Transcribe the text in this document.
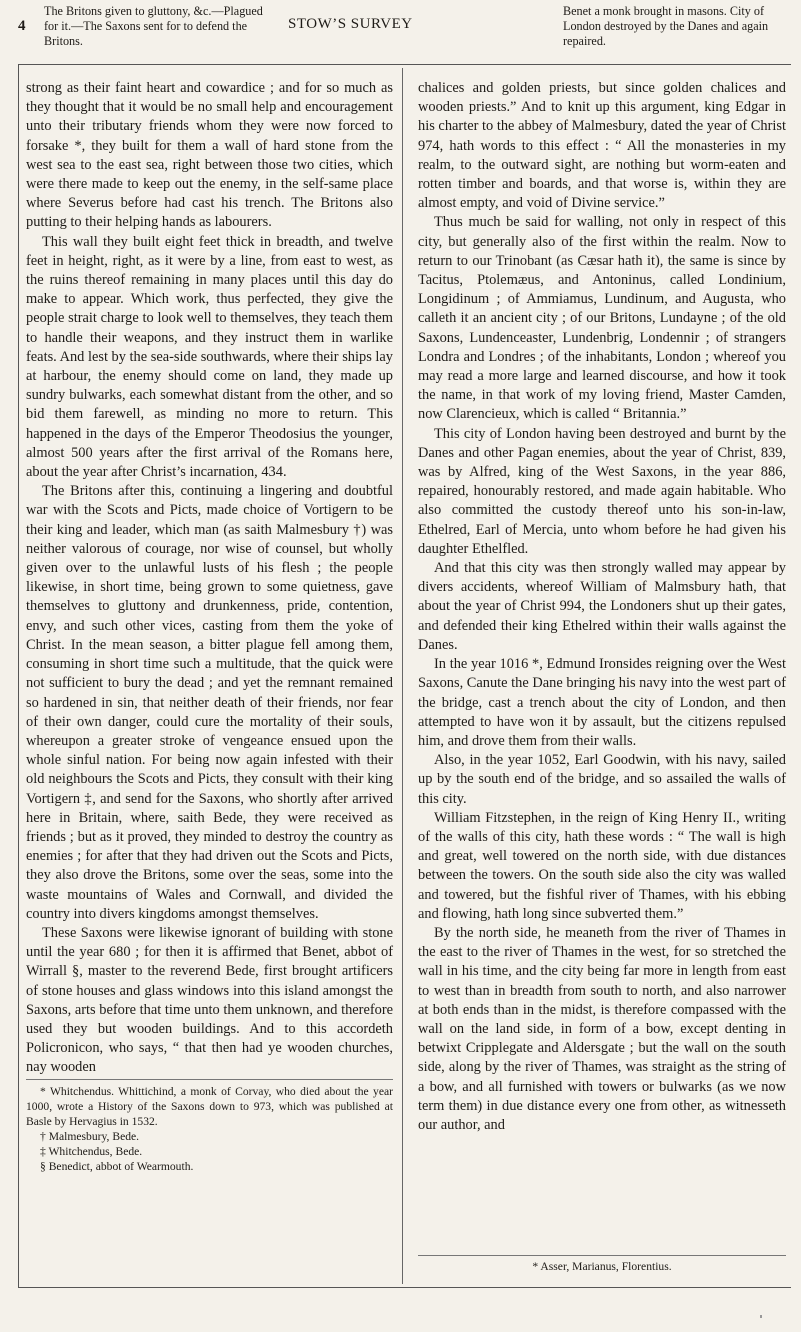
4
The Britons given to gluttony, &c.—Plagued for it.—The Saxons sent for to defend the Britons.
STOW’S SURVEY
Benet a monk brought in masons. City of London destroyed by the Danes and again repaired.

strong as their faint heart and cowardice ; and for so much as they thought that it would be no small help and encouragement unto their tributary friends whom they were now forced to forsake *, they built for them a wall of hard stone from the west sea to the east sea, right between those two cities, which were there made to keep out the enemy, in the self-same place where Severus before had cast his trench. The Britons also putting to their helping hands as labourers.

This wall they built eight feet thick in breadth, and twelve feet in height, right, as it were by a line, from east to west, as the ruins thereof remaining in many places until this day do make to appear. Which work, thus perfected, they give the people strait charge to look well to themselves, they teach them to handle their weapons, and they instruct them in warlike feats. And lest by the sea-side southwards, where their ships lay at harbour, the enemy should come on land, they made up sundry bulwarks, each somewhat distant from the other, and so bid them farewell, as minding no more to return. This happened in the days of the Emperor Theodosius the younger, almost 500 years after the first arrival of the Romans here, about the year after Christ’s incarnation, 434.

The Britons after this, continuing a lingering and doubtful war with the Scots and Picts, made choice of Vortigern to be their king and leader, which man (as saith Malmesbury †) was neither valorous of courage, nor wise of counsel, but wholly given over to the unlawful lusts of his flesh ; the people likewise, in short time, being grown to some quietness, gave themselves to gluttony and drunkenness, pride, contention, envy, and such other vices, casting from them the yoke of Christ. In the mean season, a bitter plague fell among them, consuming in short time such a multitude, that the quick were not sufficient to bury the dead ; and yet the remnant remained so hardened in sin, that neither death of their friends, nor fear of their own danger, could cure the mortality of their souls, whereupon a greater stroke of vengeance ensued upon the whole sinful nation. For being now again infested with their old neighbours the Scots and Picts, they consult with their king Vortigern ‡, and send for the Saxons, who shortly after arrived here in Britain, where, saith Bede, they were received as friends ; but as it proved, they minded to destroy the country as enemies ; for after that they had driven out the Scots and Picts, they also drove the Britons, some over the seas, some into the waste mountains of Wales and Cornwall, and divided the country into divers kingdoms amongst themselves.

These Saxons were likewise ignorant of building with stone until the year 680 ; for then it is affirmed that Benet, abbot of Wirrall §, master to the reverend Bede, first brought artificers of stone houses and glass windows into this island amongst the Saxons, arts before that time unto them unknown, and therefore used they but wooden buildings. And to this accordeth Policronicon, who says, “ that then had ye wooden churches, nay wooden

* Whitchendus. Whittichind, a monk of Corvay, who died about the year 1000, wrote a History of the Saxons down to 973, which was published at Basle by Hervagius in 1532.

† Malmesbury, Bede.

‡ Whitchendus, Bede.

§ Benedict, abbot of Wearmouth.

chalices and golden priests, but since golden chalices and wooden priests.” And to knit up this argument, king Edgar in his charter to the abbey of Malmesbury, dated the year of Christ 974, hath words to this effect : “ All the monasteries in my realm, to the outward sight, are nothing but worm-eaten and rotten timber and boards, and that worse is, within they are almost empty, and void of Divine service.”

Thus much be said for walling, not only in respect of this city, but generally also of the first within the realm. Now to return to our Trinobant (as Cæsar hath it), the same is since by Tacitus, Ptolemæus, and Antoninus, called Londinium, Longidinum ; of Ammiamus, Lundinum, and Augusta, who calleth it an ancient city ; of our Britons, Lundayne ; of the old Saxons, Lundenceaster, Lundenbrig, Londennir ; of strangers Londra and Londres ; of the inhabitants, London ; whereof you may read a more large and learned discourse, and how it took the name, in that work of my loving friend, Master Camden, now Clarencieux, which is called “ Britannia.”

This city of London having been destroyed and burnt by the Danes and other Pagan enemies, about the year of Christ, 839, was by Alfred, king of the West Saxons, in the year 886, repaired, honourably restored, and made again habitable. Who also committed the custody thereof unto his son-in-law, Ethelred, Earl of Mercia, unto whom before he had given his daughter Ethelfled.

And that this city was then strongly walled may appear by divers accidents, whereof William of Malmsbury hath, that about the year of Christ 994, the Londoners shut up their gates, and defended their king Ethelred within their walls against the Danes.

In the year 1016 *, Edmund Ironsides reigning over the West Saxons, Canute the Dane bringing his navy into the west part of the bridge, cast a trench about the city of London, and then attempted to have won it by assault, but the citizens repulsed him, and drove them from their walls.

Also, in the year 1052, Earl Goodwin, with his navy, sailed up by the south end of the bridge, and so assailed the walls of this city.

William Fitzstephen, in the reign of King Henry II., writing of the walls of this city, hath these words : “ The wall is high and great, well towered on the north side, with due distances between the towers. On the south side also the city was walled and towered, but the fishful river of Thames, with his ebbing and flowing, hath long since subverted them.”

By the north side, he meaneth from the river of Thames in the east to the river of Thames in the west, for so stretched the wall in his time, and the city being far more in length from east to west than in breadth from south to north, and also narrower at both ends than in the midst, is therefore compassed with the wall on the land side, in form of a bow, except denting in betwixt Cripplegate and Aldersgate ; but the wall on the south side, along by the river of Thames, was straight as the string of a bow, and all furnished with towers or bulwarks (as we now term them) in due distance every one from other, as witnesseth our author, and

* Asser, Marianus, Florentius.
